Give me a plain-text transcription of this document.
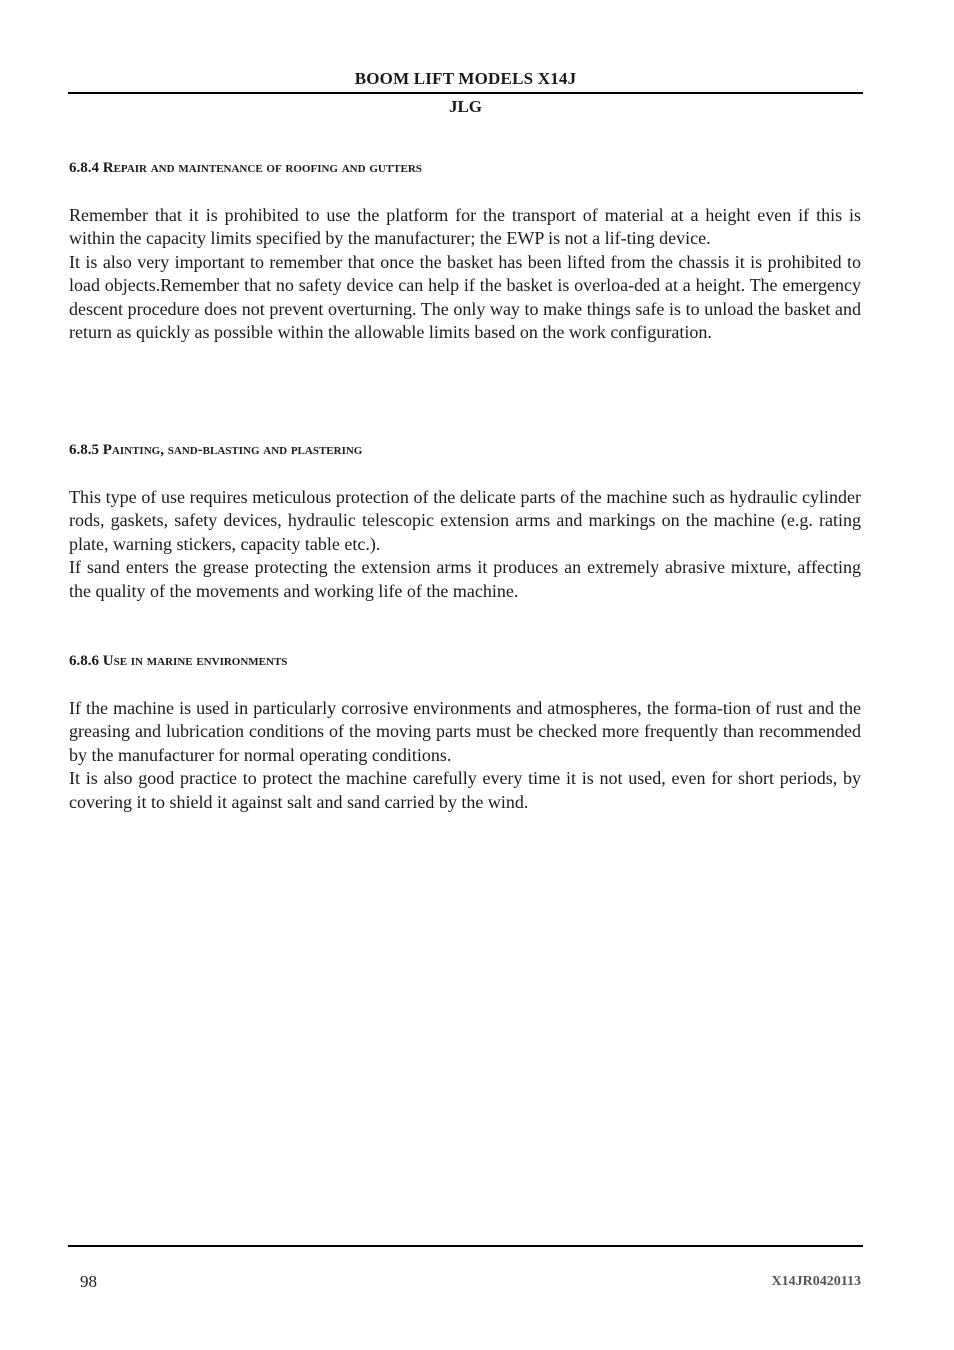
BOOM LIFT MODELS X14J
JLG
6.8.4 Repair and maintenance of roofing and gutters

Remember that it is prohibited to use the platform for the transport of material at a height even if this is within the capacity limits specified by the manufacturer; the EWP is not a lif-ting device.

It is also very important to remember that once the basket has been lifted from the chassis it is prohibited to load objects.Remember that no safety device can help if the basket is overloa-ded at a height. The emergency descent procedure does not prevent overturning. The only way to make things safe is to unload the basket and return as quickly as possible within the allowable limits based on the work configuration.

6.8.5 Painting, sand-blasting and plastering

This type of use requires meticulous protection of the delicate parts of the machine such as hydraulic cylinder rods, gaskets, safety devices, hydraulic telescopic extension arms and markings on the machine (e.g. rating plate, warning stickers, capacity table etc.).

If sand enters the grease protecting the extension arms it produces an extremely abrasive mixture, affecting the quality of the movements and working life of the machine.

6.8.6 Use in marine environments

If the machine is used in particularly corrosive environments and atmospheres, the forma-tion of rust and the greasing and lubrication conditions of the moving parts must be checked more frequently than recommended by the manufacturer for normal operating conditions.

It is also good practice to protect the machine carefully every time it is not used, even for short periods, by covering it to shield it against salt and sand carried by the wind.

98	X14JR0420113
